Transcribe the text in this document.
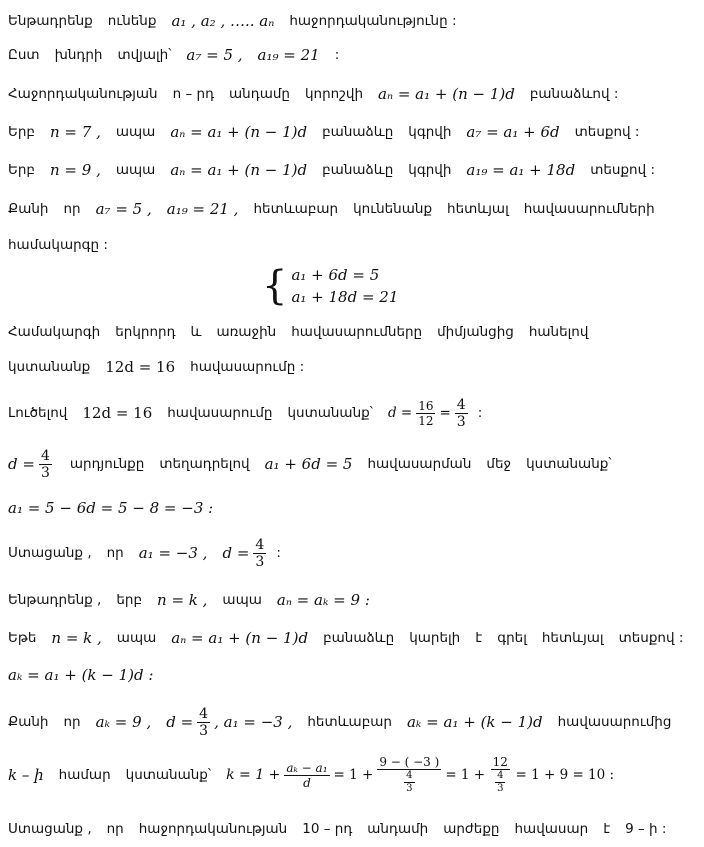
Ենթադրենք ունենք a₁ , a₂ , ….. aₙ հաջորդականությունը :
Ըստ խնդրի տվյալի՝ a₇ = 5 , a₁₉ = 21 :
Հաջորդականության n – րդ անդամը կորոշվի aₙ = a₁ + (n − 1)d բանաձևով :
Երբ n = 7 , ապա aₙ = a₁ + (n − 1)d բանաձևը կգրվի a₇ = a₁ + 6d տեսքով :
Երբ n = 9 , ապա aₙ = a₁ + (n − 1)d բանաձևը կգրվի a₁₉ = a₁ + 18d տեսքով :
Քանի որ a₇ = 5 , a₁₉ = 21 , հետևաբար կունենանք հետևյալ հավասարումների
համակարգը :
{ a₁ + 6d = 5
a₁ + 18d = 21
Համակարգի երկրորդ և առաջին հավասարումները միմյանցից հանելով
կստանանք 12d = 16 հավասարումը :
Լուծելով 12d = 16 հավասարումը կստանանք՝ $d = \frac{16}{12} = \frac{4}{3}$ :
$d = \frac{4}{3}$ արդյունքը տեղադրելով a₁ + 6d = 5 հավասարման մեջ կստանանք՝
a₁ = 5 − 6d = 5 − 8 = −3 :
Ստացանք , որ a₁ = −3 , $d = \frac{4}{3}$ :
Ենթադրենք , երբ n = k , ապա aₙ = aₖ = 9 :
Եթե n = k , ապա aₙ = a₁ + (n − 1)d բանաձևը կարելի է գրել հետևյալ տեսքով :
aₖ = a₁ + (k − 1)d :
Քանի որ aₖ = 9 , $d = \frac{4}{3}$ , a₁ = −3 , հետևաբար aₖ = a₁ + (k − 1)d հավասարումից
k – ի համար կստանանք՝ $k = 1 + \frac{\text{aₖ − a₁}}{d} = 1 + \frac{9 - ( -3 )}{\frac{4}{3}} = 1 + \frac{12}{\frac{4}{3}} = 1 + 9 = 10$ :
Ստացանք , որ հաջորդականության 10 – րդ անդամի արժեքը հավասար է 9 – ի :
